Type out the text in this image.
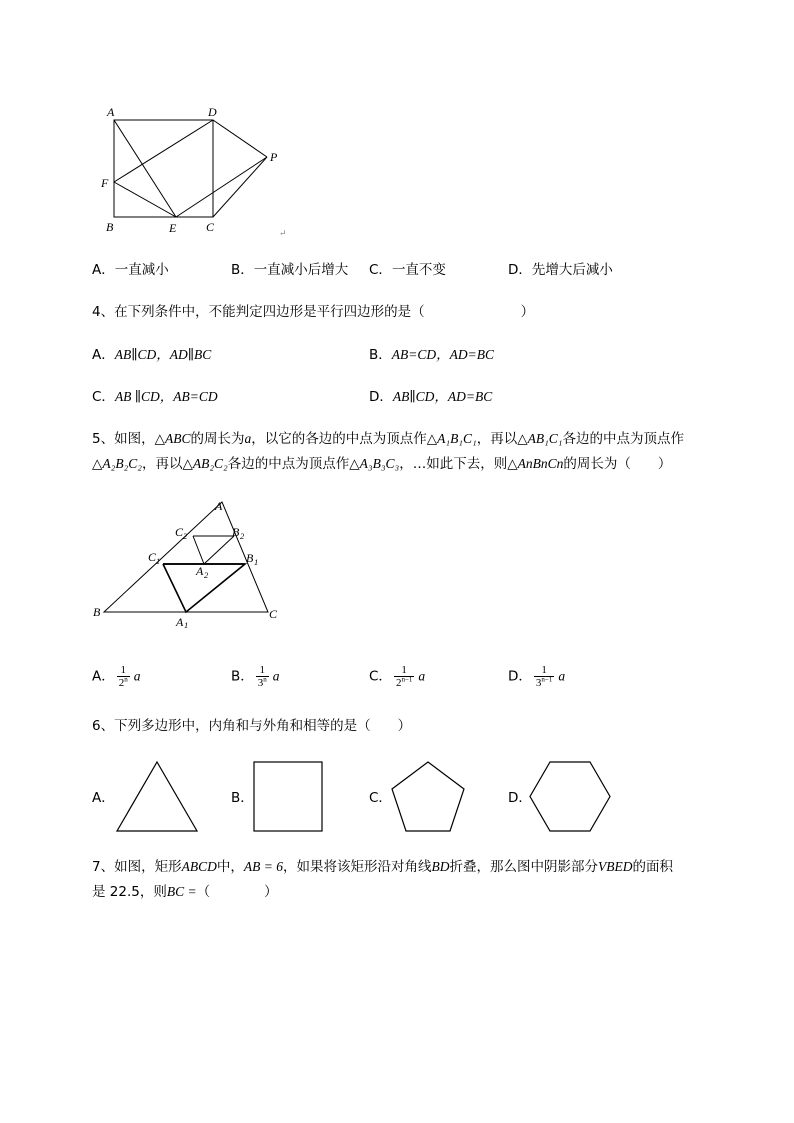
A	D
P
F
B	E C	↵
A．一直减小	B．一直减小后增大 C．一直不变	D．先增大后减小
4、在下列条件中，不能判定四边形是平行四边形的是（	）
A．AB∥CD，AD∥BC	B．AB=CD，AD=BC
C．AB ∥CD，AB=CD	D．AB∥CD，AD=BC
5、如图，△ABC的周长为a，以它的各边的中点为顶点作△A₁B₁C₁，再以△AB₁C₁各边的中点为顶点作
△A₂B₂C₂，再以△AB₂C₂各边的中点为顶点作△A₃B₃C₃，…如此下去，则△AnBnCn的周长为（　　）
A
B	C
A 1
B 1
C 1
A 2
B 2
C 2
A． $\frac{1}{2^n}$ a	B． $\frac{1}{3^n}$ a	C． $\frac{1}{2^{n-1}}$ a	D． $\frac{1}{3^{n-1}}$ a
6、下列多边形中，内角和与外角和相等的是（　　）
A．	B．	C．	D．
7、如图，矩形ABCD中，AB = 6，如果将该矩形沿对角线BD折叠，那么图中阴影部分VBED的面积
是 22.5，则BC =（　　　　）
